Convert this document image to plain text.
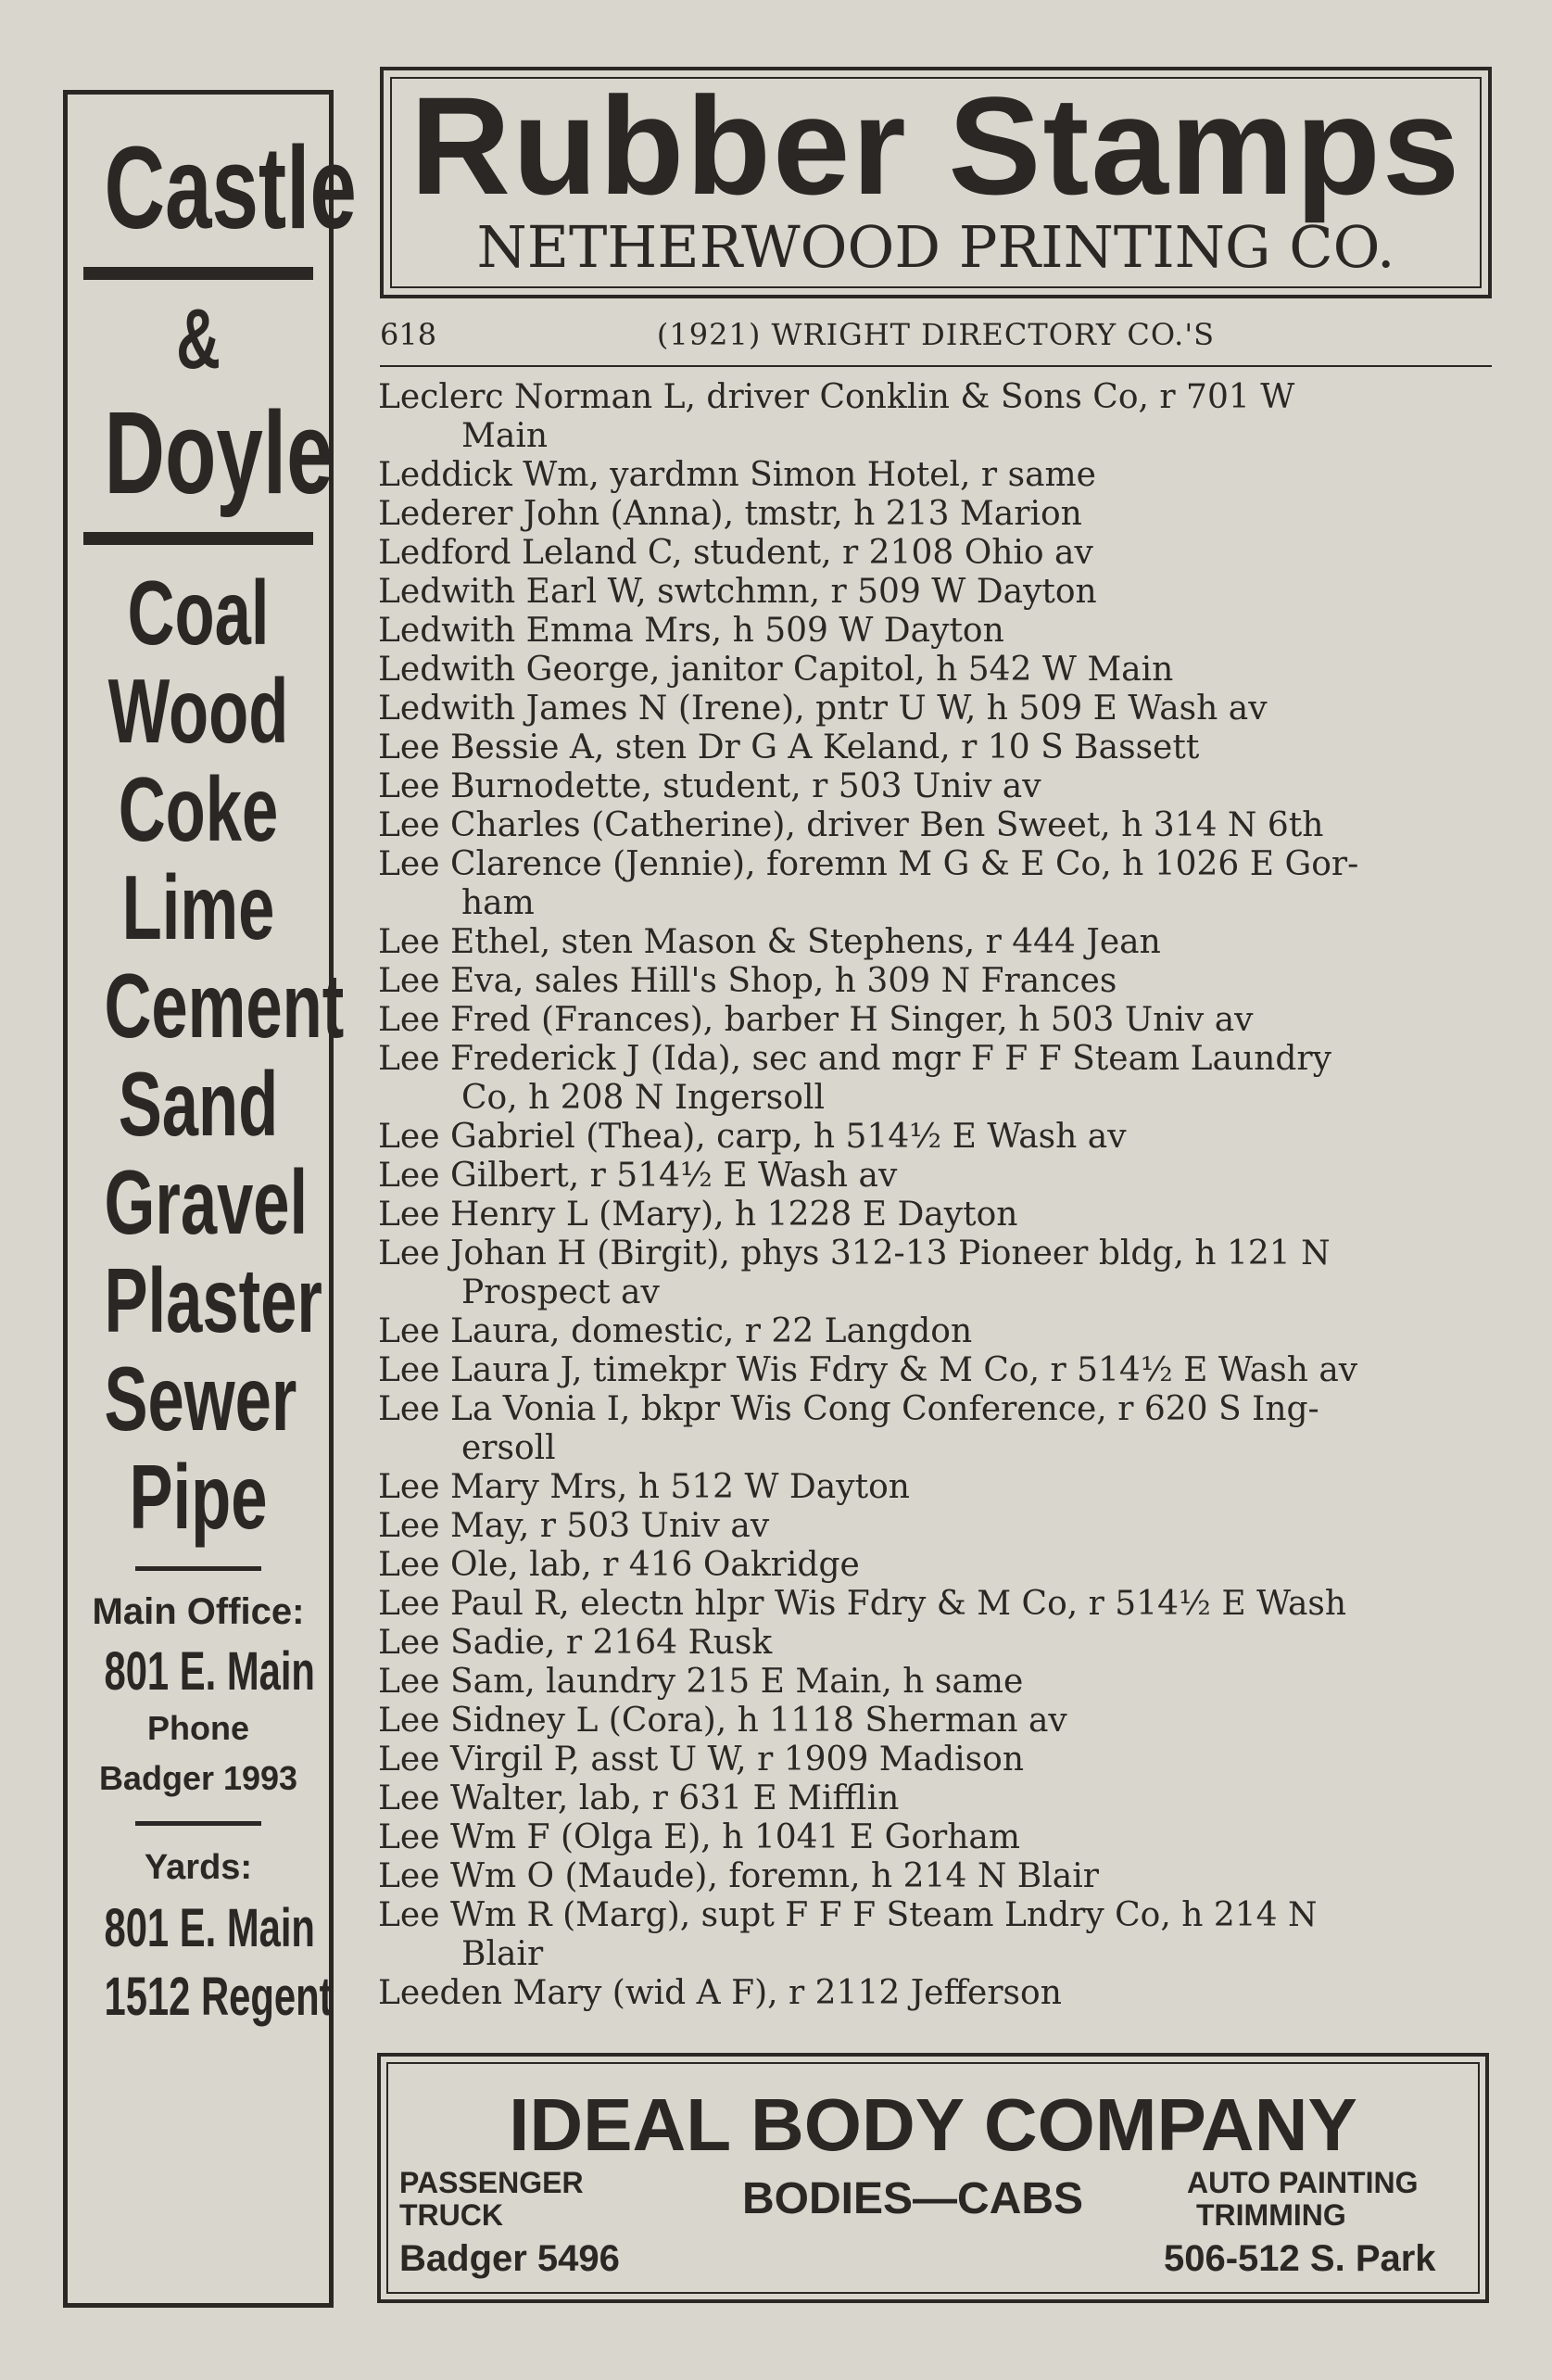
Castle
&
Doyle
Coal
Wood
Coke
Lime
Cement
Sand
Gravel
Plaster
Sewer
Pipe
Main Office:
801 E. Main
Phone
Badger 1993
Yards:
801 E. Main
1512 Regent
Rubber Stamps
NETHERWOOD PRINTING CO.
618	(1921) WRIGHT DIRECTORY CO.'S
Leclerc Norman L, driver Conklin & Sons Co, r 701 W
Main
Leddick Wm, yardmn Simon Hotel, r same
Lederer John (Anna), tmstr, h 213 Marion
Ledford Leland C, student, r 2108 Ohio av
Ledwith Earl W, swtchmn, r 509 W Dayton
Ledwith Emma Mrs, h 509 W Dayton
Ledwith George, janitor Capitol, h 542 W Main
Ledwith James N (Irene), pntr U W, h 509 E Wash av
Lee Bessie A, sten Dr G A Keland, r 10 S Bassett
Lee Burnodette, student, r 503 Univ av
Lee Charles (Catherine), driver Ben Sweet, h 314 N 6th
Lee Clarence (Jennie), foremn M G & E Co, h 1026 E Gor-
ham
Lee Ethel, sten Mason & Stephens, r 444 Jean
Lee Eva, sales Hill's Shop, h 309 N Frances
Lee Fred (Frances), barber H Singer, h 503 Univ av
Lee Frederick J (Ida), sec and mgr F F F Steam Laundry
Co, h 208 N Ingersoll
Lee Gabriel (Thea), carp, h 514½ E Wash av
Lee Gilbert, r 514½ E Wash av
Lee Henry L (Mary), h 1228 E Dayton
Lee Johan H (Birgit), phys 312-13 Pioneer bldg, h 121 N
Prospect av
Lee Laura, domestic, r 22 Langdon
Lee Laura J, timekpr Wis Fdry & M Co, r 514½ E Wash av
Lee La Vonia I, bkpr Wis Cong Conference, r 620 S Ing-
ersoll
Lee Mary Mrs, h 512 W Dayton
Lee May, r 503 Univ av
Lee Ole, lab, r 416 Oakridge
Lee Paul R, electn hlpr Wis Fdry & M Co, r 514½ E Wash
Lee Sadie, r 2164 Rusk
Lee Sam, laundry 215 E Main, h same
Lee Sidney L (Cora), h 1118 Sherman av
Lee Virgil P, asst U W, r 1909 Madison
Lee Walter, lab, r 631 E Mifflin
Lee Wm F (Olga E), h 1041 E Gorham
Lee Wm O (Maude), foremn, h 214 N Blair
Lee Wm R (Marg), supt F F F Steam Lndry Co, h 214 N
Blair
Leeden Mary (wid A F), r 2112 Jefferson
IDEAL BODY COMPANY
PASSENGER
TRUCK
Badger 5496
BODIES—CABS	AUTO PAINTING
TRIMMING
506-512 S. Park
